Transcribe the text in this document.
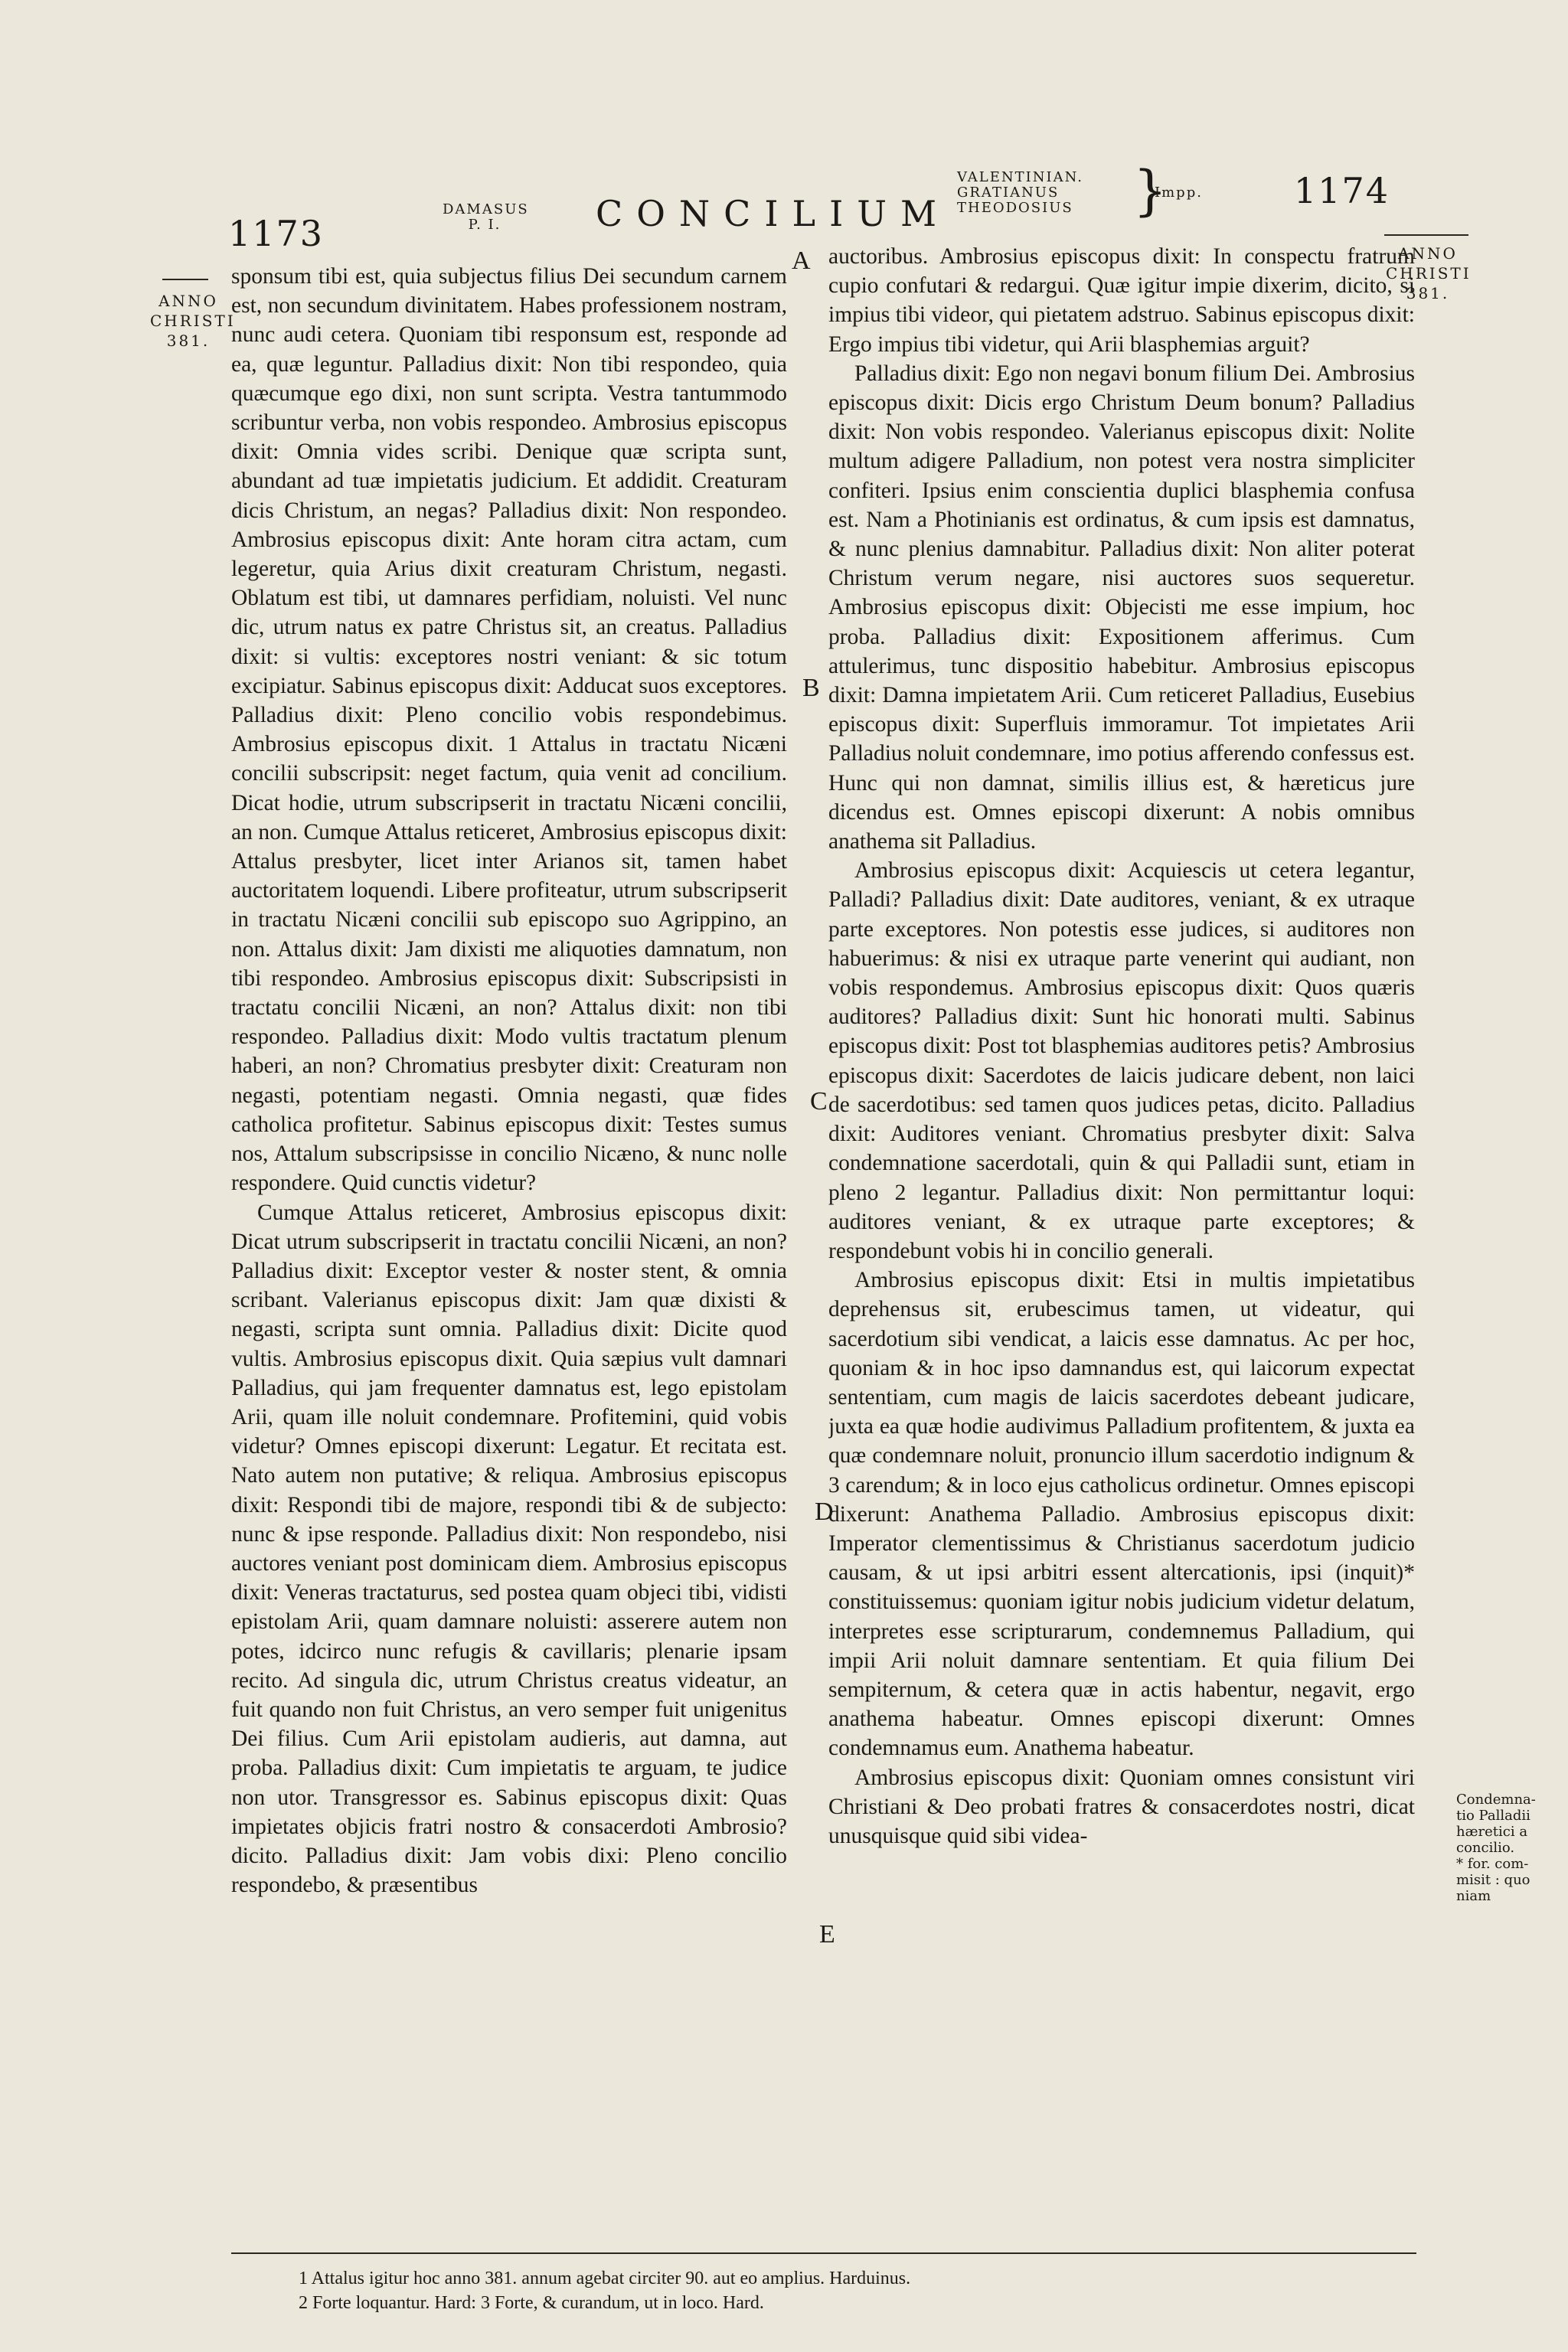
1173
DAMASUS
P. I.	CONCILIUM
VALENTINIAN.
GRATIANUS
THEODOSIUS }
Impp.	1174
ANNO
CHRISTI
381.
ANNO
CHRISTI
381.
Condemna-
tio Palladii
hæretici a
concilio.
* for. com-
misit : quo
niam
A
B
C
D
E

sponsum tibi est, quia subjectus filius Dei secundum carnem est, non secundum divinitatem. Habes professionem nostram, nunc audi cetera. Quoniam tibi responsum est, responde ad ea, quæ leguntur. Palladius dixit: Non tibi respondeo, quia quæcumque ego dixi, non sunt scripta. Vestra tantummodo scribuntur verba, non vobis respondeo. Ambrosius episcopus dixit: Omnia vides scribi. Denique quæ scripta sunt, abundant ad tuæ impietatis judicium. Et addidit. Creaturam dicis Christum, an negas? Palladius dixit: Non respondeo. Ambrosius episcopus dixit: Ante horam citra actam, cum legeretur, quia Arius dixit creaturam Christum, negasti. Oblatum est tibi, ut damnares perfidiam, noluisti. Vel nunc dic, utrum natus ex patre Christus sit, an creatus. Palladius dixit: si vultis: exceptores nostri veniant: & sic totum excipiatur. Sabinus episcopus dixit: Adducat suos exceptores. Palladius dixit: Pleno concilio vobis respondebimus. Ambrosius episcopus dixit. 1 Attalus in tractatu Nicæni concilii subscripsit: neget factum, quia venit ad concilium. Dicat hodie, utrum subscripserit in tractatu Nicæni concilii, an non. Cumque Attalus reticeret, Ambrosius episcopus dixit: Attalus presbyter, licet inter Arianos sit, tamen habet auctoritatem loquendi. Libere profiteatur, utrum subscripserit in tractatu Nicæni concilii sub episcopo suo Agrippino, an non. Attalus dixit: Jam dixisti me aliquoties damnatum, non tibi respondeo. Ambrosius episcopus dixit: Subscripsisti in tractatu concilii Nicæni, an non? Attalus dixit: non tibi respondeo. Palladius dixit: Modo vultis tractatum plenum haberi, an non? Chromatius presbyter dixit: Creaturam non negasti, potentiam negasti. Omnia negasti, quæ fides catholica profitetur. Sabinus episcopus dixit: Testes sumus nos, Attalum subscripsisse in concilio Nicæno, & nunc nolle respondere. Quid cunctis videtur?

Cumque Attalus reticeret, Ambrosius episcopus dixit: Dicat utrum subscripserit in tractatu concilii Nicæni, an non? Palladius dixit: Exceptor vester & noster stent, & omnia scribant. Valerianus episcopus dixit: Jam quæ dixisti & negasti, scripta sunt omnia. Palladius dixit: Dicite quod vultis. Ambrosius episcopus dixit. Quia sæpius vult damnari Palladius, qui jam frequenter damnatus est, lego epistolam Arii, quam ille noluit condemnare. Profitemini, quid vobis videtur? Omnes episcopi dixerunt: Legatur. Et recitata est. Nato autem non putative; & reliqua. Ambrosius episcopus dixit: Respondi tibi de majore, respondi tibi & de subjecto: nunc & ipse responde. Palladius dixit: Non respondebo, nisi auctores veniant post dominicam diem. Ambrosius episcopus dixit: Veneras tractaturus, sed postea quam objeci tibi, vidisti epistolam Arii, quam damnare noluisti: asserere autem non potes, idcirco nunc refugis & cavillaris; plenarie ipsam recito. Ad singula dic, utrum Christus creatus videatur, an fuit quando non fuit Christus, an vero semper fuit unigenitus Dei filius. Cum Arii epistolam audieris, aut damna, aut proba. Palladius dixit: Cum impietatis te arguam, te judice non utor. Transgressor es. Sabinus episcopus dixit: Quas impietates objicis fratri nostro & consacerdoti Ambrosio? dicito. Palladius dixit: Jam vobis dixi: Pleno concilio respondebo, & præsentibus

auctoribus. Ambrosius episcopus dixit: In conspectu fratrum cupio confutari & redargui. Quæ igitur impie dixerim, dicito, si impius tibi videor, qui pietatem adstruo. Sabinus episcopus dixit: Ergo impius tibi videtur, qui Arii blasphemias arguit?

Palladius dixit: Ego non negavi bonum filium Dei. Ambrosius episcopus dixit: Dicis ergo Christum Deum bonum? Palladius dixit: Non vobis respondeo. Valerianus episcopus dixit: Nolite multum adigere Palladium, non potest vera nostra simpliciter confiteri. Ipsius enim conscientia duplici blasphemia confusa est. Nam a Photinianis est ordinatus, & cum ipsis est damnatus, & nunc plenius damnabitur. Palladius dixit: Non aliter poterat Christum verum negare, nisi auctores suos sequeretur. Ambrosius episcopus dixit: Objecisti me esse impium, hoc proba. Palladius dixit: Expositionem afferimus. Cum attulerimus, tunc dispositio habebitur. Ambrosius episcopus dixit: Damna impietatem Arii. Cum reticeret Palladius, Eusebius episcopus dixit: Superfluis immoramur. Tot impietates Arii Palladius noluit condemnare, imo potius afferendo confessus est. Hunc qui non damnat, similis illius est, & hæreticus jure dicendus est. Omnes episcopi dixerunt: A nobis omnibus anathema sit Palladius.

Ambrosius episcopus dixit: Acquiescis ut cetera legantur, Palladi? Palladius dixit: Date auditores, veniant, & ex utraque parte exceptores. Non potestis esse judices, si auditores non habuerimus: & nisi ex utraque parte venerint qui audiant, non vobis respondemus. Ambrosius episcopus dixit: Quos quæris auditores? Palladius dixit: Sunt hic honorati multi. Sabinus episcopus dixit: Post tot blasphemias auditores petis? Ambrosius episcopus dixit: Sacerdotes de laicis judicare debent, non laici de sacerdotibus: sed tamen quos judices petas, dicito. Palladius dixit: Auditores veniant. Chromatius presbyter dixit: Salva condemnatione sacerdotali, quin & qui Palladii sunt, etiam in pleno 2 legantur. Palladius dixit: Non permittantur loqui: auditores veniant, & ex utraque parte exceptores; & respondebunt vobis hi in concilio generali.

Ambrosius episcopus dixit: Etsi in multis impietatibus deprehensus sit, erubescimus tamen, ut videatur, qui sacerdotium sibi vendicat, a laicis esse damnatus. Ac per hoc, quoniam & in hoc ipso damnandus est, qui laicorum expectat sententiam, cum magis de laicis sacerdotes debeant judicare, juxta ea quæ hodie audivimus Palladium profitentem, & juxta ea quæ condemnare noluit, pronuncio illum sacerdotio indignum & 3 carendum; & in loco ejus catholicus ordinetur. Omnes episcopi dixerunt: Anathema Palladio. Ambrosius episcopus dixit: Imperator clementissimus & Christianus sacerdotum judicio causam, & ut ipsi arbitri essent altercationis, ipsi (inquit)* constituissemus: quoniam igitur nobis judicium videtur delatum, interpretes esse scripturarum, condemnemus Palladium, qui impii Arii noluit damnare sententiam. Et quia filium Dei sempiternum, & cetera quæ in actis habentur, negavit, ergo anathema habeatur. Omnes episcopi dixerunt: Omnes condemnamus eum. Anathema habeatur.

Ambrosius episcopus dixit: Quoniam omnes consistunt viri Christiani & Deo probati fratres & consacerdotes nostri, dicat unusquisque quid sibi videa-

1 Attalus igitur hoc anno 381. annum agebat circiter 90. aut eo amplius. Harduinus.
2 Forte loquantur. Hard: 3 Forte, & curandum, ut in loco. Hard.
